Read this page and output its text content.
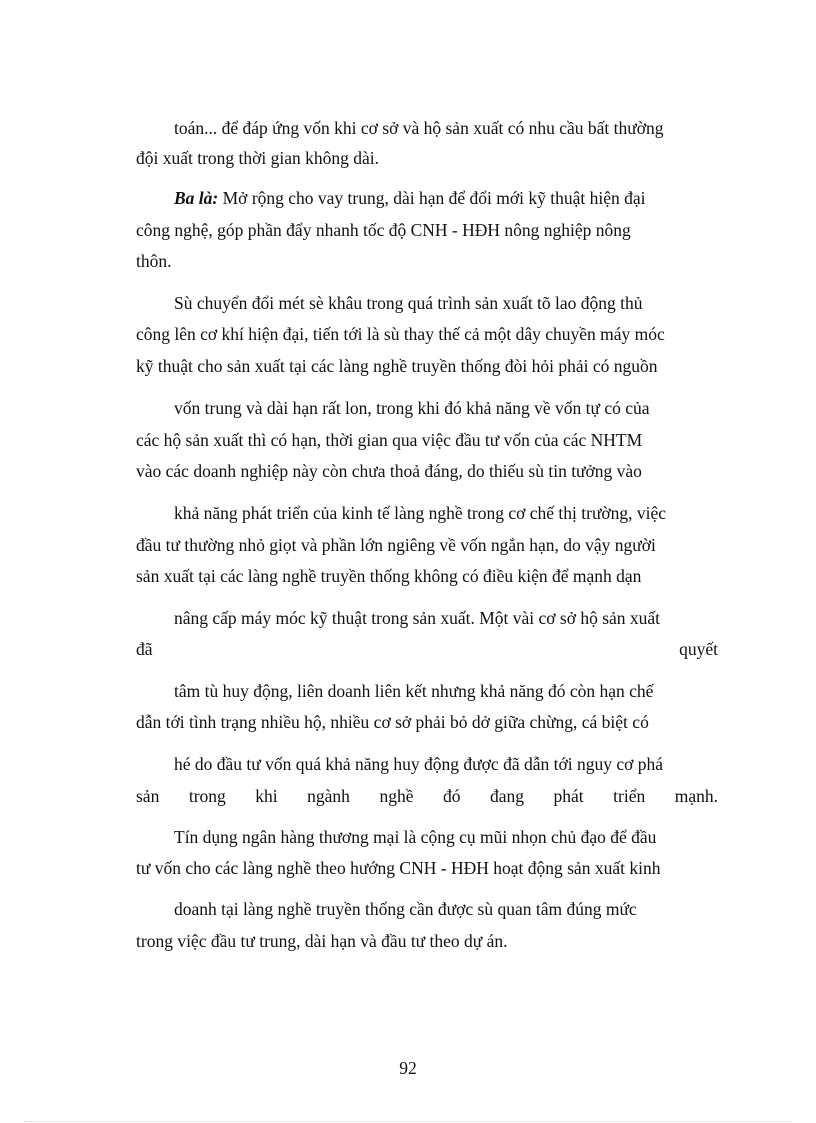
toán... để đáp ứng vốn khi cơ sở và hộ sản xuất có nhu cầu bất thường
đội xuất trong thời gian không dài.
Ba là:
Mở rộng cho vay trung, dài hạn để đổi mới kỹ thuật hiện đại
công nghệ, góp phần đẩy nhanh tốc độ CNH - HĐH nông nghiệp nông
thôn.
Sù chuyển đổi mét sè khâu trong quá trình sản xuất tõ lao động thủ
công lên cơ khí hiện đại, tiến tới là sù thay thế cả một dây chuyền máy móc
kỹ thuật cho sản xuất tại các làng nghề truyền thống đòi hỏi phải có nguồn
vốn trung và dài hạn rất lon, trong khi đó khả năng về vốn tự có của
các hộ sản xuất thì có hạn, thời gian qua việc đầu tư vốn của các NHTM
vào các doanh nghiệp này còn chưa thoả đáng, do thiếu sù tin tưởng vào
khả năng phát triển của kinh tế làng nghề trong cơ chế thị trường, việc
đầu tư thường nhỏ giọt và phần lớn ngiêng về vốn ngắn hạn, do vậy người
sản xuất tại các làng nghề truyền thống không có điều kiện để mạnh dạn
nâng cấp máy móc kỹ thuật trong sản xuất. Một vài cơ sở hộ sản xuất
đã	quyết
tâm tù huy động, liên doanh liên kết nhưng khả năng đó còn hạn chế
dẫn tới tình trạng nhiều hộ, nhiều cơ sở phải bỏ dở giữa chừng, cá biệt có
hé do đầu tư vốn quá khả năng huy động được đã dẫn tới nguy cơ phá
sản trong khi ngành nghề đó đang phát triển mạnh.
Tín dụng ngân hàng thương mại là cộng cụ mũi nhọn chủ đạo để đầu
tư vốn cho các làng nghề theo hướng CNH - HĐH hoạt động sản xuất kinh
doanh tại làng nghề truyền thống cần được sù quan tâm đúng mức
trong việc đầu tư trung, dài hạn và đầu tư theo dự án.
92
